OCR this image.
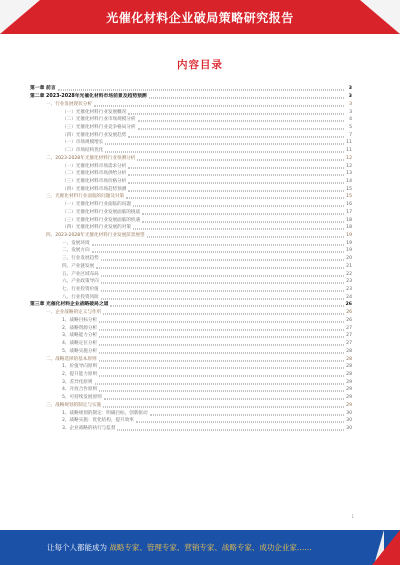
光催化材料企业破局策略研究报告
内容目录
第一章 前言	3
第二章 2023-2028年光催化材料市场前景及趋势预测	3
一、行业发展现状分析	3
（一）光催化材料行业发展概况	3
（二）光催化材料行业市场规模分析	4
（三）光催化材料行业竞争格局分析	5
（四）光催化材料行业发展趋势	7
（一）市场规模增长	11
（二）市场结构优化	11
二、2023-2028年光催化材料行业预测分析	12
（一）光催化材料市场需求分析	12
（二）光催化材料市场供给分析	13
（三）光催化材料市场价格分析	14
（四）光催化材料市场趋势预测	15
三、光催化材料行业面临的问题及对策	15
（一）光催化材料行业面临的问题	16
（二）光催化材料行业发展面临的挑战	17
（三）光催化材料行业发展面临的机遇	18
（四）光催化材料行业发展的对策	18
四、2023-2028年光催化材料行业发展前景展望	19
一、发展环境	19
二、发展方向	19
三、行业发展趋势	20
四、产业链发展	21
五、产业区域布局	22
六、产业政策导向	23
七、行业投资价值	23
八、行业投资风险	24
第三章 光催化材料企业战略破局之道	26
一、企业战略的定义与作用	26
1、战略目标分析	26
2、战略资源分析	27
3、战略能力分析	27
4、战略定位分析	27
5、战略实施分析	28
二、战略选择的基本原则	28
1、价值导向原则	28
2、提升能力原则	28
3、差异化原则	29
4、开放合作原则	29
5、可持续发展原则	29
三、战略规划的制定与实施	29
1、战略规划的制定：明确目标，创新驱动	30
2、战略实施：优化结构，提升效率	30
3、企业战略的执行与监督	30
1
让每个人都能成为 战略专家、管理专家、营销专家、战略专家、成功企业家……
